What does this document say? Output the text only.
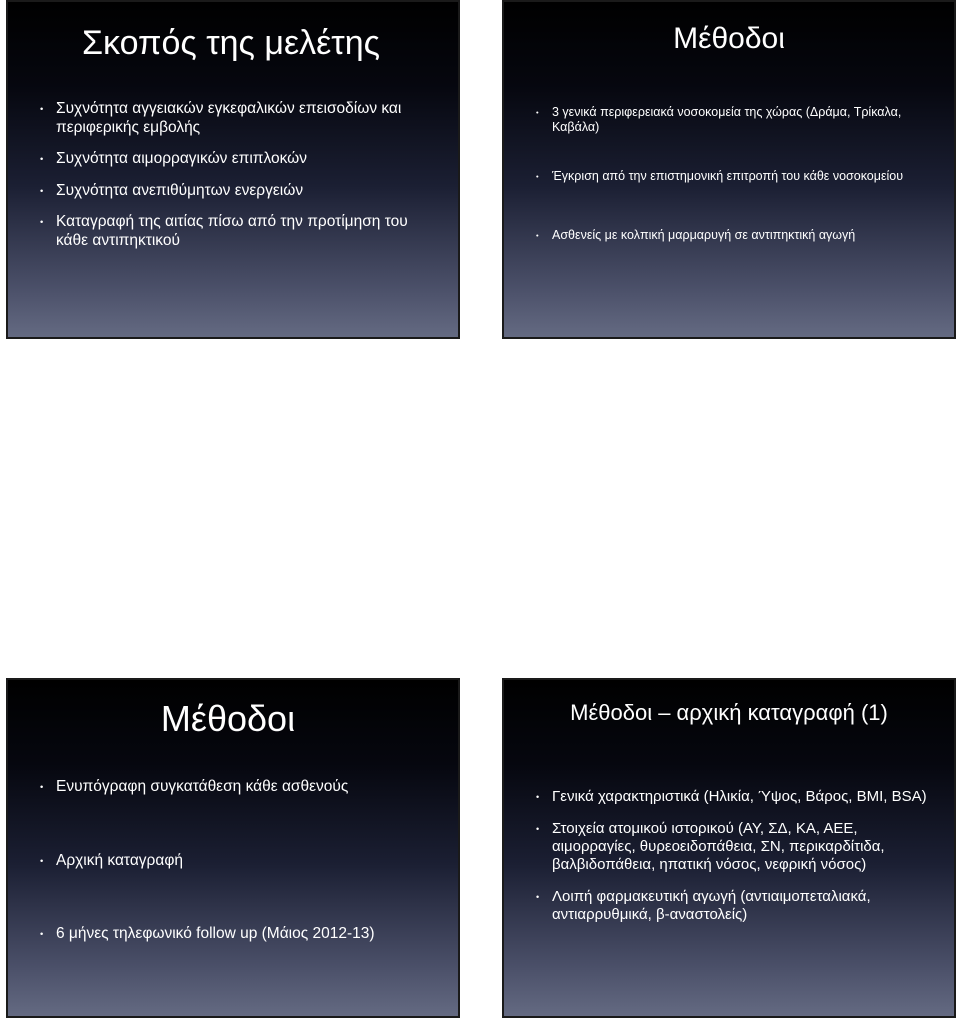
Σκοπός της μελέτης
• Συχνότητα αγγειακών εγκεφαλικών επεισοδίων και περιφερικής εμβολής
• Συχνότητα αιμορραγικών επιπλοκών
• Συχνότητα ανεπιθύμητων ενεργειών
• Καταγραφή της αιτίας πίσω από την προτίμηση του κάθε αντιπηκτικού
Μέθοδοι
• 3 γενικά περιφερειακά νοσοκομεία της χώρας (Δράμα, Τρίκαλα, Καβάλα)
• Έγκριση από την επιστημονική επιτροπή του κάθε νοσοκομείου
• Ασθενείς με κολπική μαρμαρυγή σε αντιπηκτική αγωγή
Μέθοδοι
• Ενυπόγραφη συγκατάθεση κάθε ασθενούς
• Αρχική καταγραφή
• 6 μήνες τηλεφωνικό follow up (Μάιος 2012-13)
Μέθοδοι – αρχική καταγραφή (1)
• Γενικά χαρακτηριστικά (Ηλικία, Ύψος, Βάρος, BMI, BSA)
• Στοιχεία ατομικού ιστορικού (ΑΥ, ΣΔ, ΚΑ, ΑΕΕ, αιμορραγίες, θυρεοειδοπάθεια, ΣΝ, περικαρδίτιδα, βαλβιδοπάθεια, ηπατική νόσος, νεφρική νόσος)
• Λοιπή φαρμακευτική αγωγή (αντιαιμοπεταλιακά, αντιαρρυθμικά, β-αναστολείς)
